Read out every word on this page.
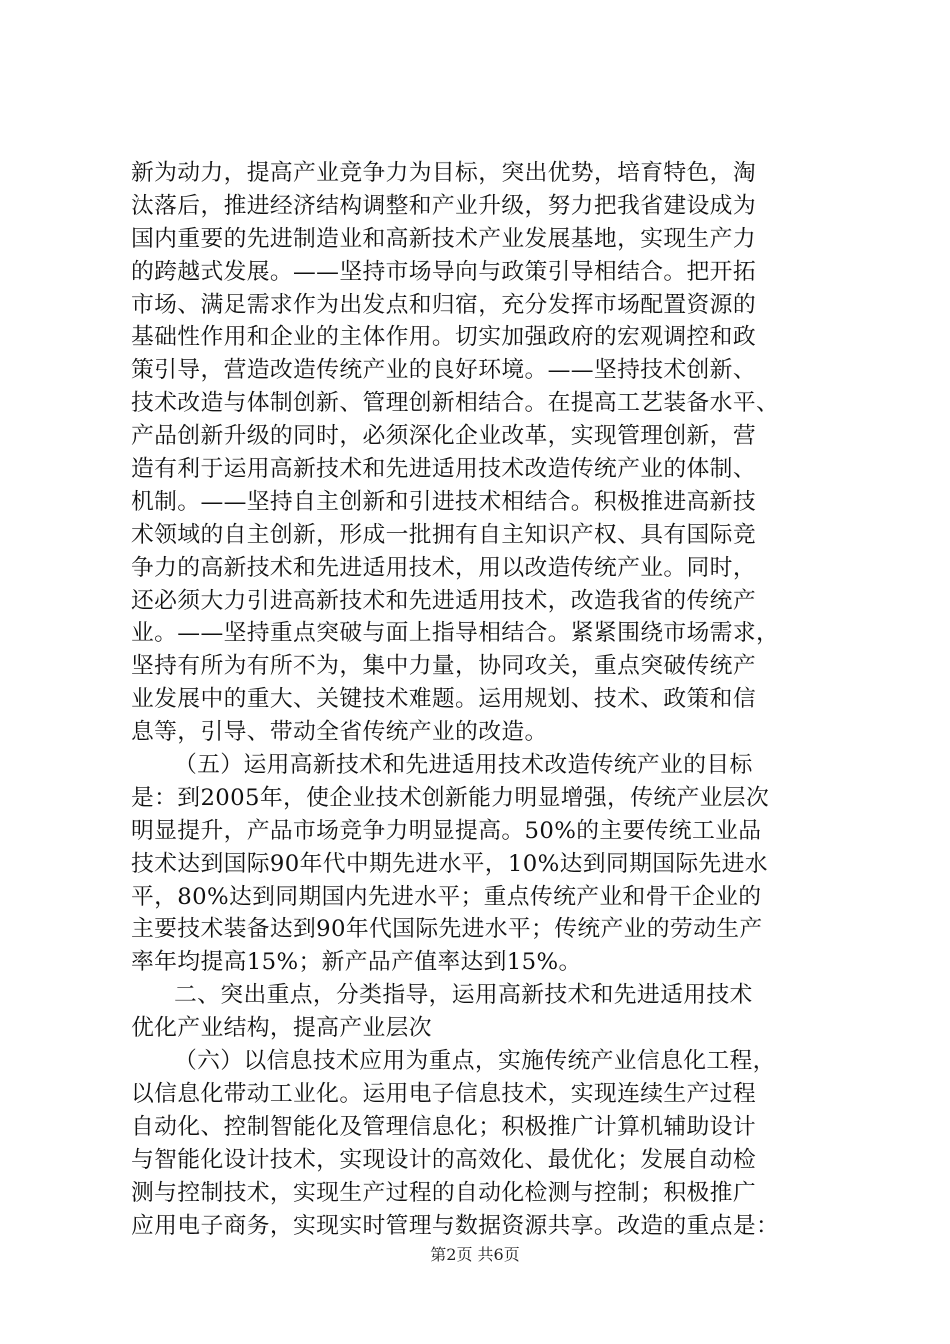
新为动力，提高产业竞争力为目标，突出优势，培育特色，淘
汰落后，推进经济结构调整和产业升级，努力把我省建设成为
国内重要的先进制造业和高新技术产业发展基地，实现生产力
的跨越式发展。——坚持市场导向与政策引导相结合。把开拓
市场、满足需求作为出发点和归宿，充分发挥市场配置资源的
基础性作用和企业的主体作用。切实加强政府的宏观调控和政
策引导，营造改造传统产业的良好环境。——坚持技术创新、
技术改造与体制创新、管理创新相结合。在提高工艺装备水平、
产品创新升级的同时，必须深化企业改革，实现管理创新，营
造有利于运用高新技术和先进适用技术改造传统产业的体制、
机制。——坚持自主创新和引进技术相结合。积极推进高新技
术领域的自主创新，形成一批拥有自主知识产权、具有国际竞
争力的高新技术和先进适用技术，用以改造传统产业。同时，
还必须大力引进高新技术和先进适用技术，改造我省的传统产
业。——坚持重点突破与面上指导相结合。紧紧围绕市场需求，
坚持有所为有所不为，集中力量，协同攻关，重点突破传统产
业发展中的重大、关键技术难题。运用规划、技术、政策和信
息等，引导、带动全省传统产业的改造。
（五）运用高新技术和先进适用技术改造传统产业的目标
是：到2005年，使企业技术创新能力明显增强，传统产业层次
明显提升，产品市场竞争力明显提高。50%的主要传统工业品
技术达到国际90年代中期先进水平，10%达到同期国际先进水
平，80%达到同期国内先进水平；重点传统产业和骨干企业的
主要技术装备达到90年代国际先进水平；传统产业的劳动生产
率年均提高15%；新产品产值率达到15%。
二、突出重点，分类指导，运用高新技术和先进适用技术
优化产业结构，提高产业层次
（六）以信息技术应用为重点，实施传统产业信息化工程，
以信息化带动工业化。运用电子信息技术，实现连续生产过程
自动化、控制智能化及管理信息化；积极推广计算机辅助设计
与智能化设计技术，实现设计的高效化、最优化；发展自动检
测与控制技术，实现生产过程的自动化检测与控制；积极推广
应用电子商务，实现实时管理与数据资源共享。改造的重点是：
第2页 共6页
